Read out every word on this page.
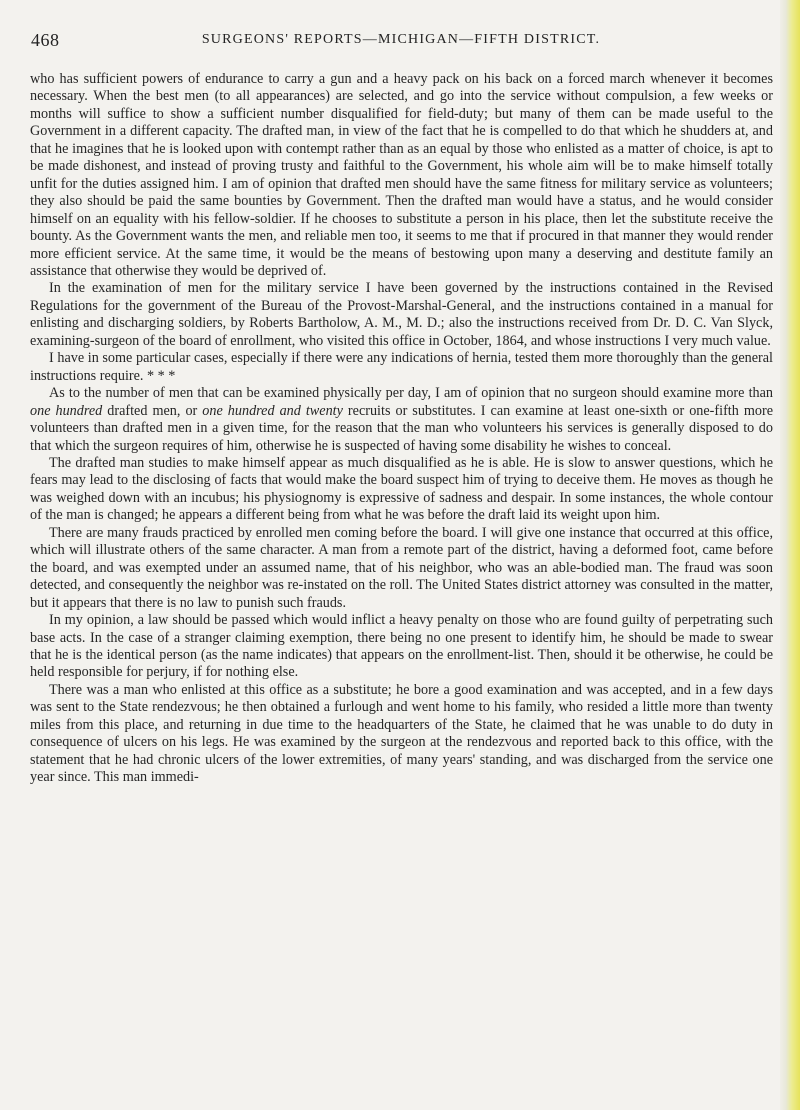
468	SURGEONS' REPORTS—MICHIGAN—FIFTH DISTRICT.

who has sufficient powers of endurance to carry a gun and a heavy pack on his back on a forced march whenever it becomes necessary. When the best men (to all appearances) are selected, and go into the service without compulsion, a few weeks or months will suffice to show a sufficient number disqualified for field-duty; but many of them can be made useful to the Government in a different capacity. The drafted man, in view of the fact that he is compelled to do that which he shudders at, and that he imagines that he is looked upon with contempt rather than as an equal by those who enlisted as a matter of choice, is apt to be made dishonest, and instead of proving trusty and faithful to the Government, his whole aim will be to make himself totally unfit for the duties assigned him. I am of opinion that drafted men should have the same fitness for military service as volunteers; they also should be paid the same bounties by Government. Then the drafted man would have a status, and he would consider himself on an equality with his fellow-soldier. If he chooses to substitute a person in his place, then let the substitute receive the bounty. As the Government wants the men, and reliable men too, it seems to me that if procured in that manner they would render more efficient service. At the same time, it would be the means of bestowing upon many a deserving and destitute family an assistance that otherwise they would be deprived of.

In the examination of men for the military service I have been governed by the instructions contained in the Revised Regulations for the government of the Bureau of the Provost-Marshal-General, and the instructions contained in a manual for enlisting and discharging soldiers, by Roberts Bartholow, A. M., M. D.; also the instructions received from Dr. D. C. Van Slyck, examining-surgeon of the board of enrollment, who visited this office in October, 1864, and whose instructions I very much value.

I have in some particular cases, especially if there were any indications of hernia, tested them more thoroughly than the general instructions require. * * *

As to the number of men that can be examined physically per day, I am of opinion that no surgeon should examine more than one hundred drafted men, or one hundred and twenty recruits or substitutes. I can examine at least one-sixth or one-fifth more volunteers than drafted men in a given time, for the reason that the man who volunteers his services is generally disposed to do that which the surgeon requires of him, otherwise he is suspected of having some disability he wishes to conceal.

The drafted man studies to make himself appear as much disqualified as he is able. He is slow to answer questions, which he fears may lead to the disclosing of facts that would make the board suspect him of trying to deceive them. He moves as though he was weighed down with an incubus; his physiognomy is expressive of sadness and despair. In some instances, the whole contour of the man is changed; he appears a different being from what he was before the draft laid its weight upon him.

There are many frauds practiced by enrolled men coming before the board. I will give one instance that occurred at this office, which will illustrate others of the same character. A man from a remote part of the district, having a deformed foot, came before the board, and was exempted under an assumed name, that of his neighbor, who was an able-bodied man. The fraud was soon detected, and consequently the neighbor was re-instated on the roll. The United States district attorney was consulted in the matter, but it appears that there is no law to punish such frauds.

In my opinion, a law should be passed which would inflict a heavy penalty on those who are found guilty of perpetrating such base acts. In the case of a stranger claiming exemption, there being no one present to identify him, he should be made to swear that he is the identical person (as the name indicates) that appears on the enrollment-list. Then, should it be otherwise, he could be held responsible for perjury, if for nothing else.

There was a man who enlisted at this office as a substitute; he bore a good examination and was accepted, and in a few days was sent to the State rendezvous; he then obtained a furlough and went home to his family, who resided a little more than twenty miles from this place, and returning in due time to the headquarters of the State, he claimed that he was unable to do duty in consequence of ulcers on his legs. He was examined by the surgeon at the rendezvous and reported back to this office, with the statement that he had chronic ulcers of the lower extremities, of many years' standing, and was discharged from the service one year since. This man immedi-
